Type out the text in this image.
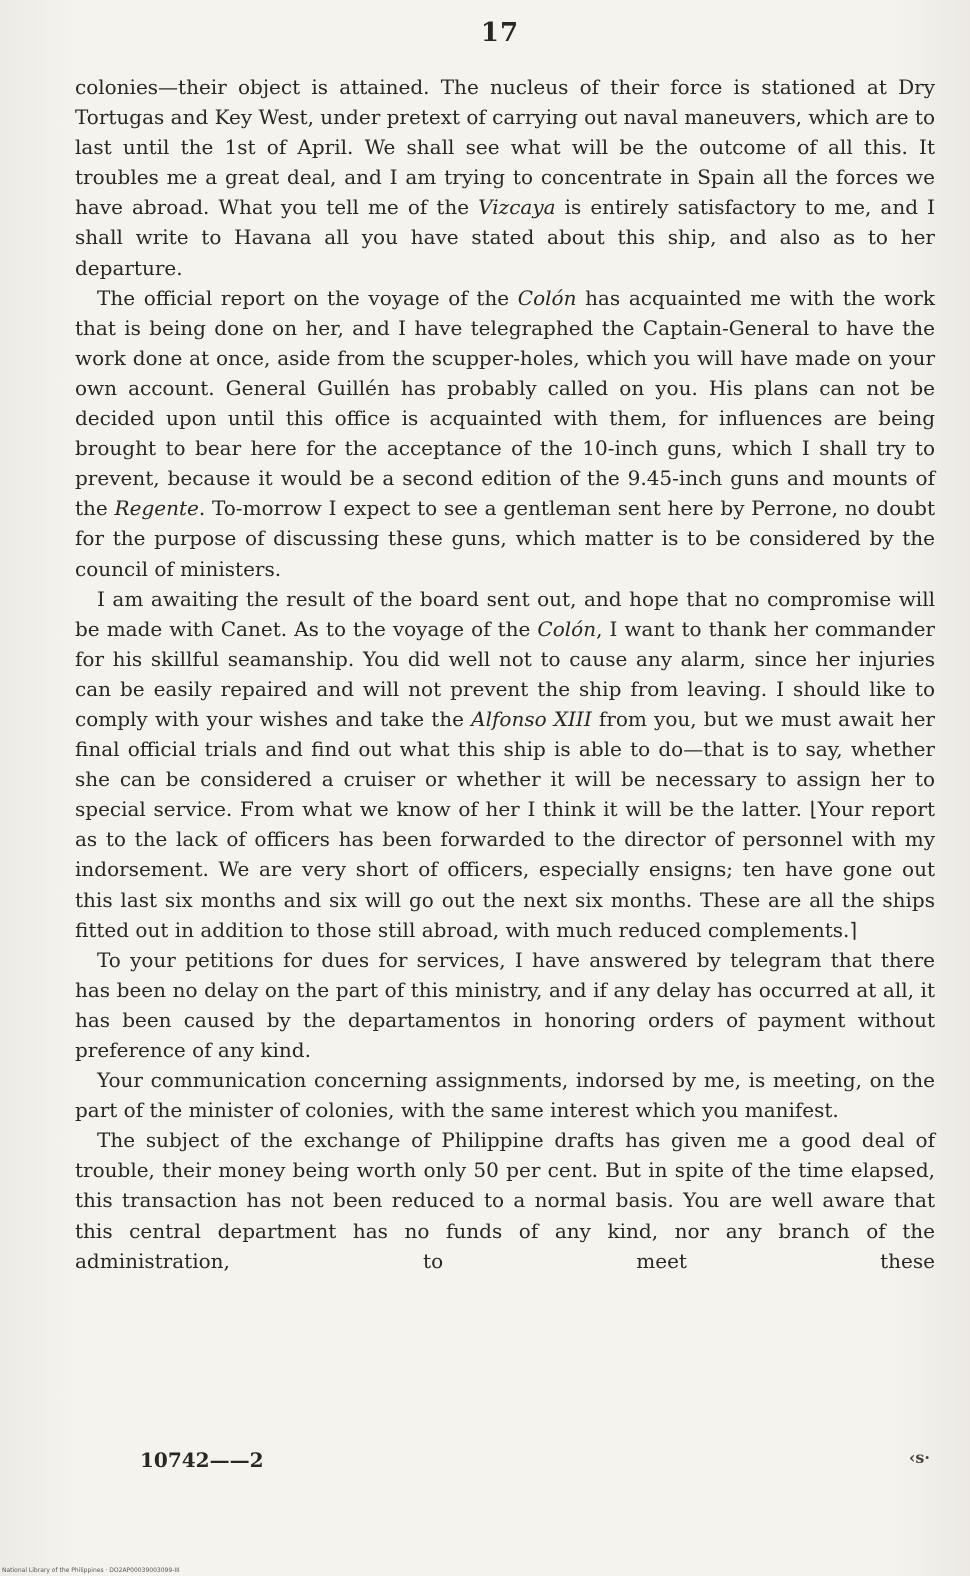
17

colonies—their object is attained. The nucleus of their force is stationed at Dry Tortugas and Key West, under pretext of carrying out naval maneuvers, which are to last until the 1st of April. We shall see what will be the outcome of all this. It troubles me a great deal, and I am trying to concentrate in Spain all the forces we have abroad. What you tell me of the Vizcaya is entirely satisfactory to me, and I shall write to Havana all you have stated about this ship, and also as to her departure.

The official report on the voyage of the Colón has acquainted me with the work that is being done on her, and I have telegraphed the Captain-General to have the work done at once, aside from the scupper-holes, which you will have made on your own account. General Guillén has probably called on you. His plans can not be decided upon until this office is acquainted with them, for influences are being brought to bear here for the acceptance of the 10-inch guns, which I shall try to prevent, because it would be a second edition of the 9.45-inch guns and mounts of the Regente. To-morrow I expect to see a gentleman sent here by Perrone, no doubt for the purpose of discussing these guns, which matter is to be considered by the council of ministers.

I am awaiting the result of the board sent out, and hope that no compromise will be made with Canet. As to the voyage of the Colón, I want to thank her commander for his skillful seamanship. You did well not to cause any alarm, since her injuries can be easily repaired and will not prevent the ship from leaving. I should like to comply with your wishes and take the Alfonso XIII from you, but we must await her final official trials and find out what this ship is able to do—that is to say, whether she can be considered a cruiser or whether it will be necessary to assign her to special service. From what we know of her I think it will be the latter. ⌊Your report as to the lack of officers has been forwarded to the director of personnel with my indorsement. We are very short of officers, especially ensigns; ten have gone out this last six months and six will go out the next six months. These are all the ships fitted out in addition to those still abroad, with much reduced complements.⌉

To your petitions for dues for services, I have answered by telegram that there has been no delay on the part of this ministry, and if any delay has occurred at all, it has been caused by the departamentos in honoring orders of payment without preference of any kind.

Your communication concerning assignments, indorsed by me, is meeting, on the part of the minister of colonies, with the same interest which you manifest.

The subject of the exchange of Philippine drafts has given me a good deal of trouble, their money being worth only 50 per cent. But in spite of the time elapsed, this transaction has not been reduced to a normal basis. You are well aware that this central department has no funds of any kind, nor any branch of the administration, to meet these

10742——2	‹s·
National Library of the Philippines · DO2AP00039003099-III
